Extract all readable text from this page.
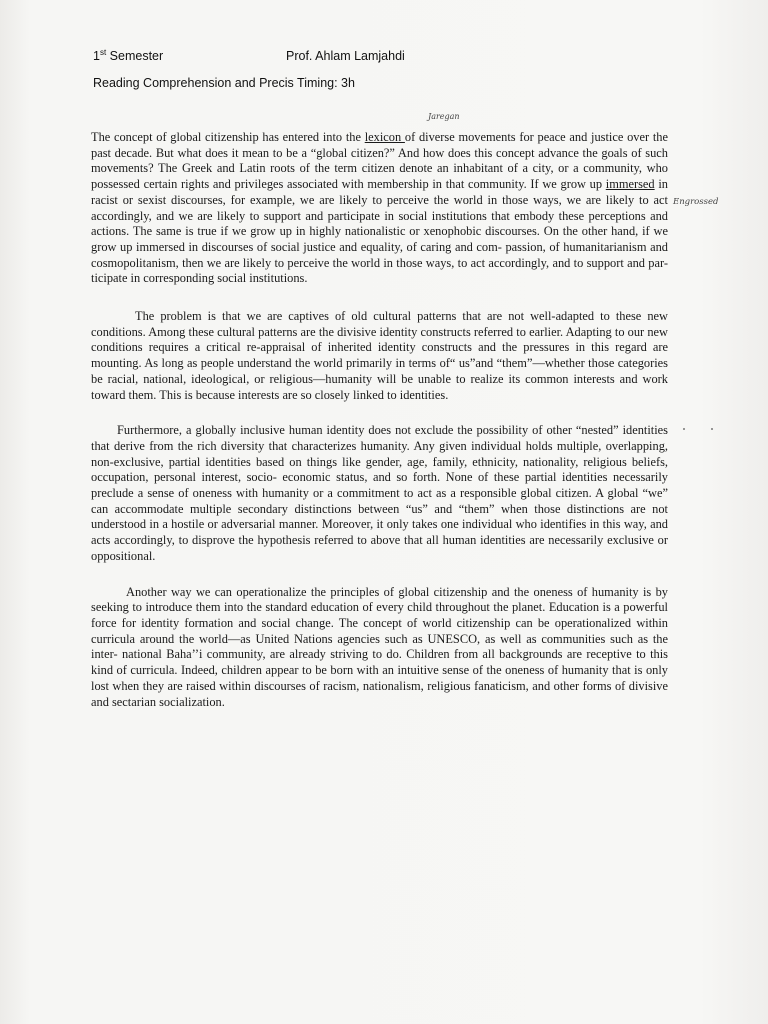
1st Semester	Prof. Ahlam Lamjahdi
Reading Comprehension and Precis Timing: 3h
Jaregan
Engrossed

The concept of global citizenship has entered into the lexicon of diverse movements for peace and justice over the past decade. But what does it mean to be a “global citizen?” And how does this concept advance the goals of such movements? The Greek and Latin roots of the term citizen denote an inhabitant of a city, or a community, who possessed certain rights and privileges associated with membership in that community. If we grow up immersed in racist or sexist discourses, for example, we are likely to perceive the world in those ways, we are likely to act accordingly, and we are likely to support and participate in social institutions that embody these perceptions and actions. The same is true if we grow up in highly nationalistic or xenophobic discourses. On the other hand, if we grow up immersed in discourses of social justice and equality, of caring and com- passion, of humanitarianism and cosmopolitanism, then we are likely to perceive the world in those ways, to act accordingly, and to support and par- ticipate in corresponding social institutions.

The problem is that we are captives of old cultural patterns that are not well-adapted to these new conditions. Among these cultural patterns are the divisive identity constructs referred to earlier. Adapting to our new conditions requires a critical re-appraisal of inherited identity constructs and the pressures in this regard are mounting. As long as people understand the world primarily in terms of“ us”and “them”—whether those categories be racial, national, ideological, or religious—humanity will be unable to realize its common interests and work toward them. This is because interests are so closely linked to identities.

Furthermore, a globally inclusive human identity does not exclude the possibility of other “nested” identities that derive from the rich diversity that characterizes humanity. Any given individual holds multiple, overlapping, non-exclusive, partial identities based on things like gender, age, family, ethnicity, nationality, religious beliefs, occupation, personal interest, socio- economic status, and so forth. None of these partial identities necessarily preclude a sense of oneness with humanity or a commitment to act as a responsible global citizen. A global “we” can accommodate multiple secondary distinctions between “us” and “them” when those distinctions are not understood in a hostile or adversarial manner. Moreover, it only takes one individual who identifies in this way, and acts accordingly, to disprove the hypothesis referred to above that all human identities are necessarily exclusive or oppositional.

Another way we can operationalize the principles of global citizenship and the oneness of humanity is by seeking to introduce them into the standard education of every child throughout the planet. Education is a powerful force for identity formation and social change. The concept of world citizenship can be operationalized within curricula around the world—as United Nations agencies such as UNESCO, as well as communities such as the inter- national Baha’’i community, are already striving to do. Children from all backgrounds are receptive to this kind of curricula. Indeed, children appear to be born with an intuitive sense of the oneness of humanity that is only lost when they are raised within discourses of racism, nationalism, religious fanaticism, and other forms of divisive and sectarian socialization.
